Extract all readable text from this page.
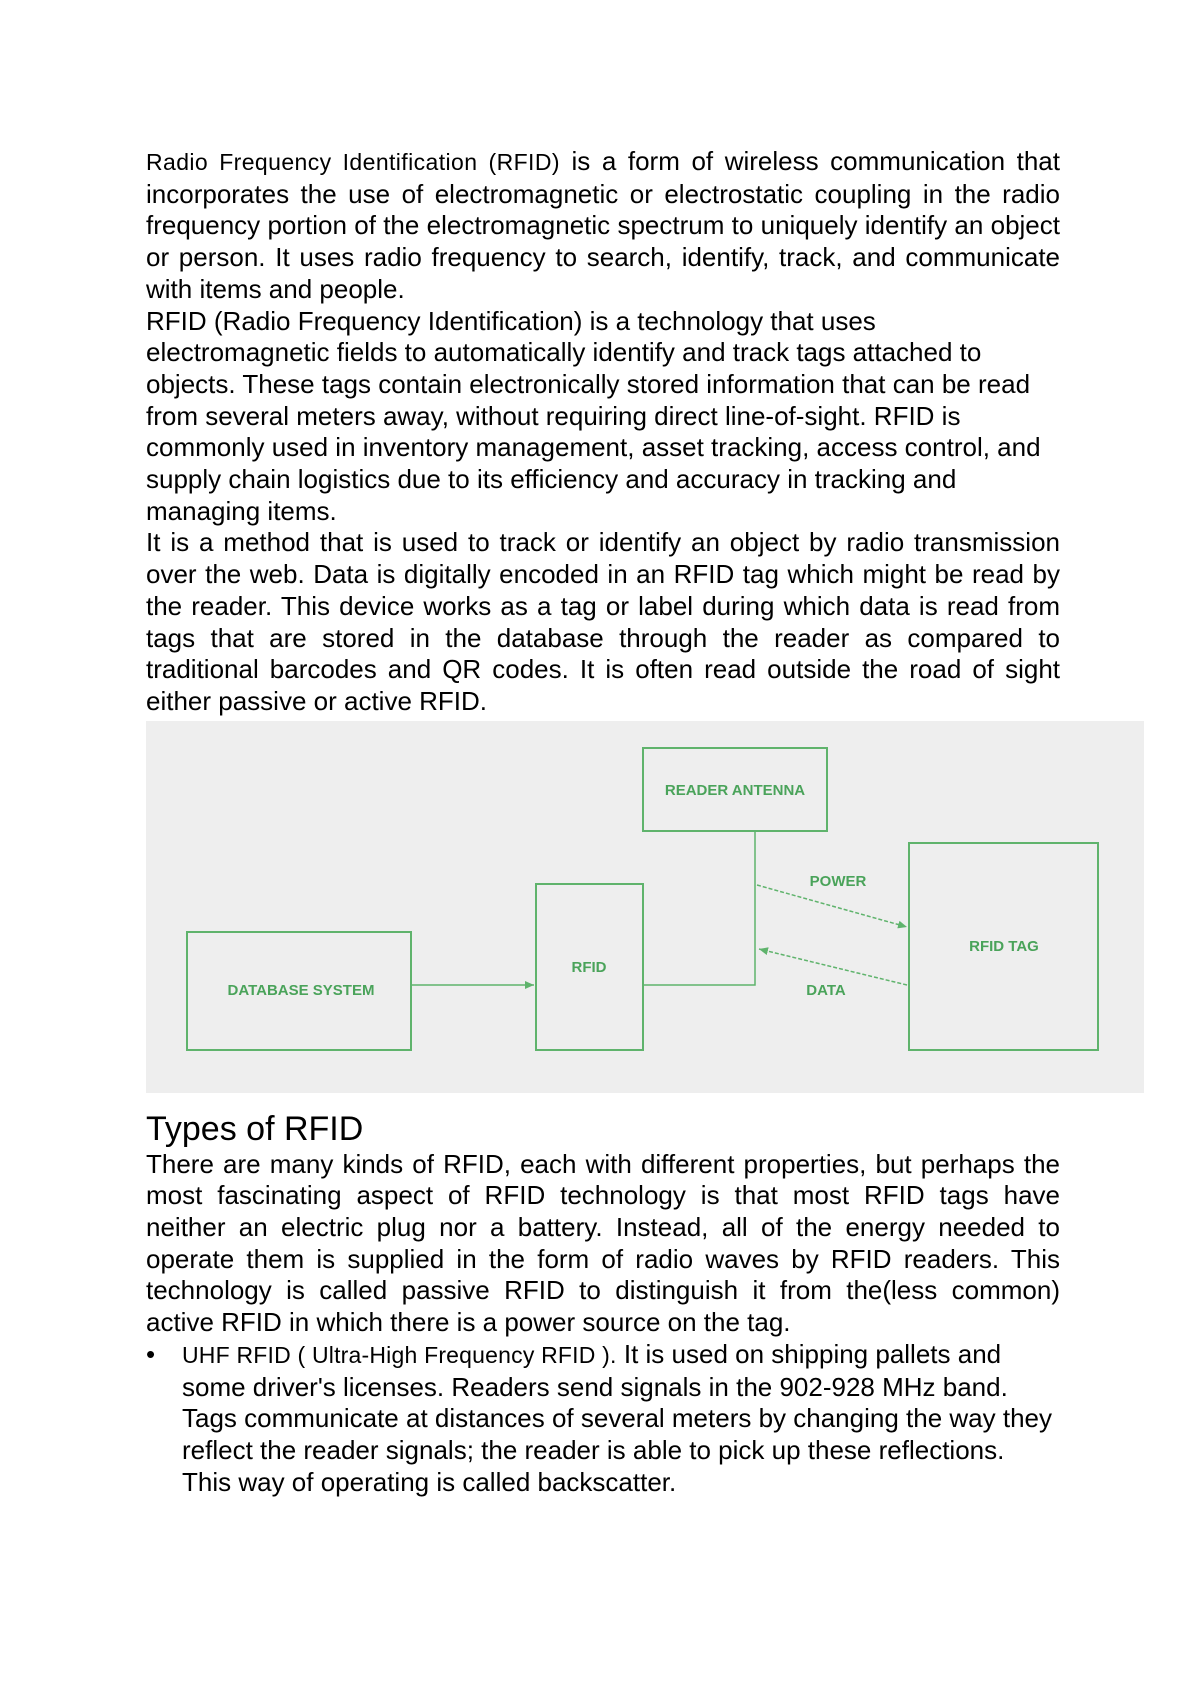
Radio Frequency Identification (RFID) is a form of wireless communication that incorporates the use of electromagnetic or electrostatic coupling in the radio frequency portion of the electromagnetic spectrum to uniquely identify an object or person. It uses radio frequency to search, identify, track, and communicate with items and people.

RFID (Radio Frequency Identification) is a technology that uses electromagnetic fields to automatically identify and track tags attached to objects. These tags contain electronically stored information that can be read from several meters away, without requiring direct line-of-sight. RFID is commonly used in inventory management, asset tracking, access control, and supply chain logistics due to its efficiency and accuracy in tracking and managing items.

It is a method that is used to track or identify an object by radio transmission over the web. Data is digitally encoded in an RFID tag which might be read by the reader. This device works as a tag or label during which data is read from tags that are stored in the database through the reader as compared to traditional barcodes and QR codes. It is often read outside the road of sight either passive or active RFID.

READER ANTENNA
RFID
DATABASE SYSTEM
RFID TAG
POWER
DATA
Types of RFID

There are many kinds of RFID, each with different properties, but perhaps the most fascinating aspect of RFID technology is that most RFID tags have neither an electric plug nor a battery. Instead, all of the energy needed to operate them is supplied in the form of radio waves by RFID readers. This technology is called passive RFID to distinguish it from the(less common) active RFID in which there is a power source on the tag.

•	UHF RFID ( Ultra-High Frequency RFID ). It is used on shipping pallets and some driver's licenses. Readers send signals in the 902-928 MHz band. Tags communicate at distances of several meters by changing the way they reflect the reader signals; the reader is able to pick up these reflections. This way of operating is called backscatter.
